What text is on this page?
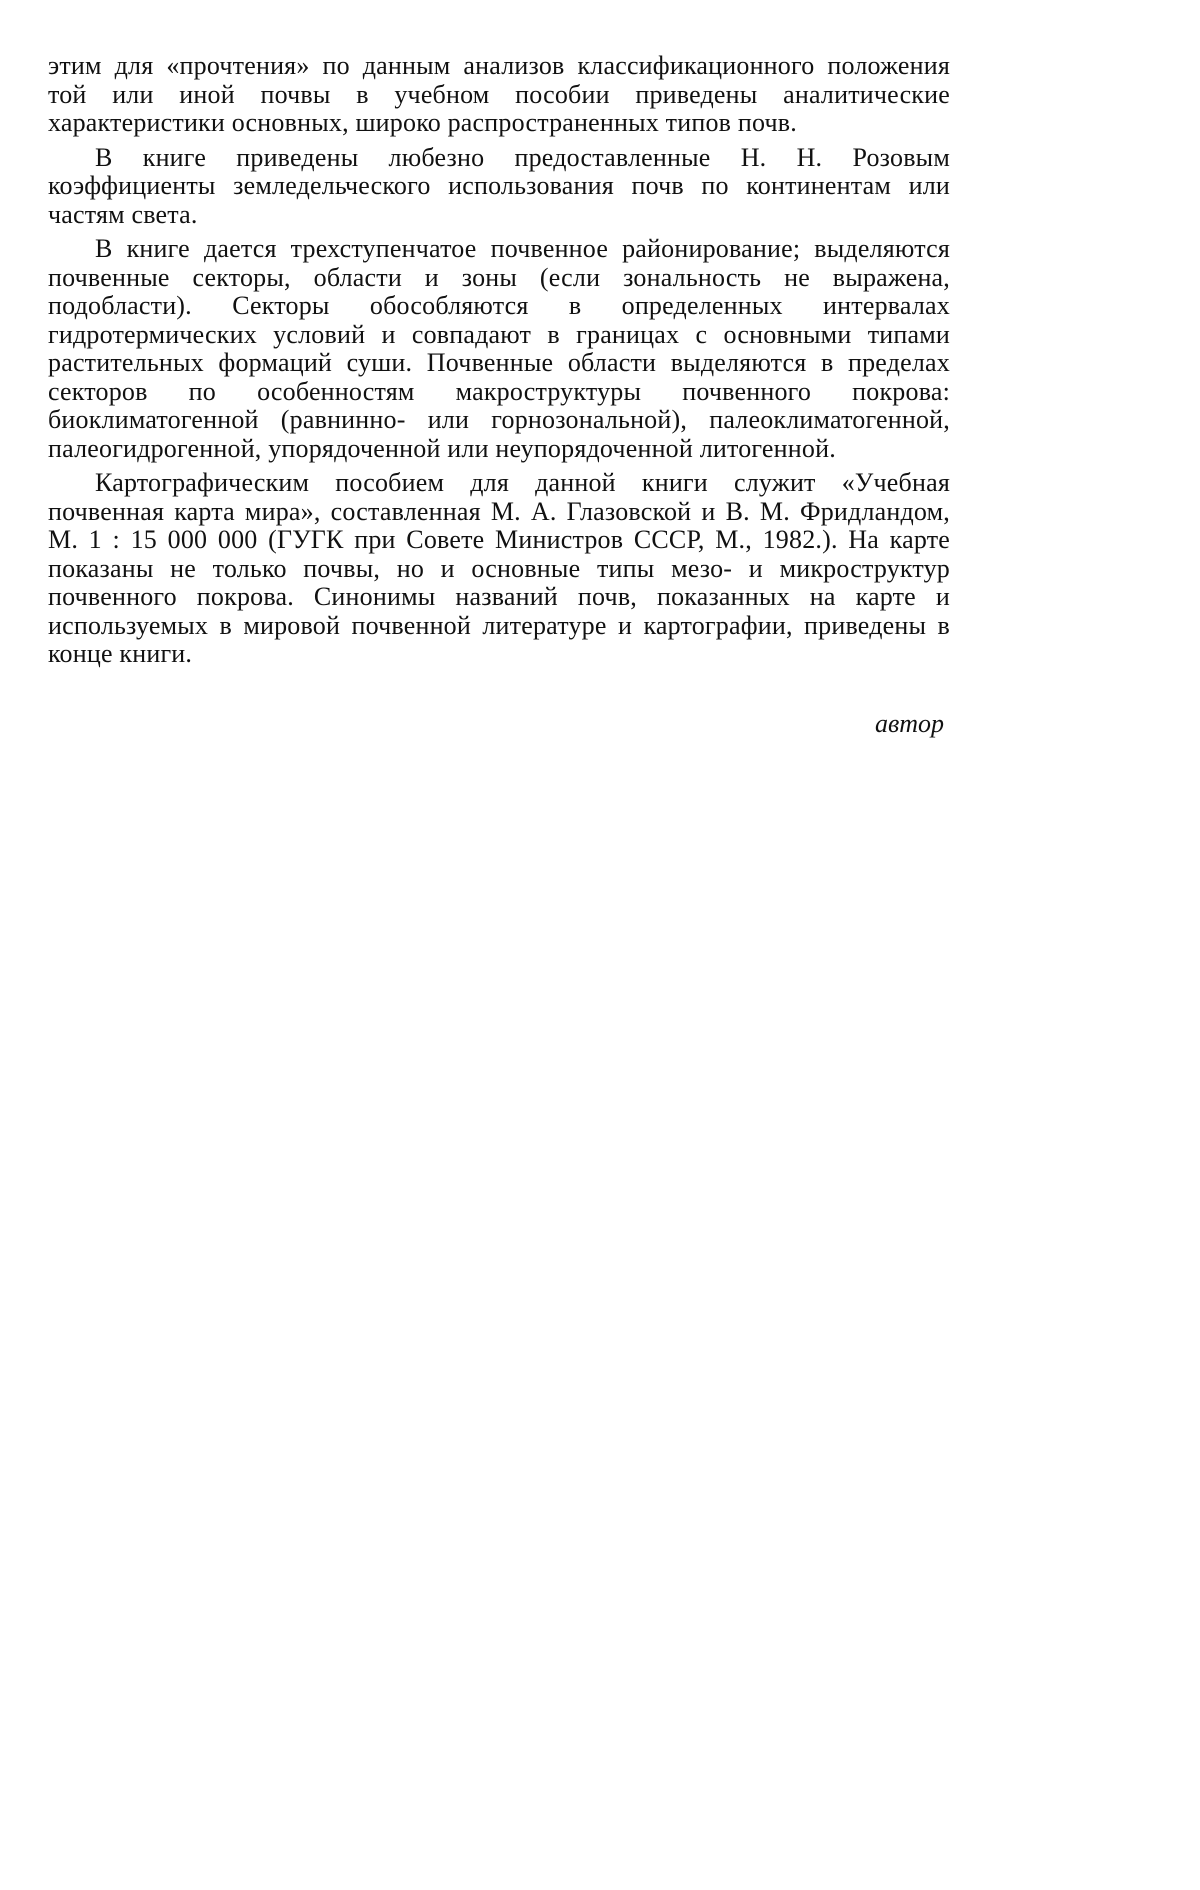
этим для «прочтения» по данным анализов классификационного положения той или иной почвы в учебном пособии приведены аналитические характеристики основных, широко распространенных типов почв.

В книге приведены любезно предоставленные Н. Н. Розовым коэффициенты земледельческого использования почв по континентам или частям света.

В книге дается трехступенчатое почвенное районирование; выделяются почвенные секторы, области и зоны (если зональность не выражена, подобласти). Секторы обособляются в определенных интервалах гидротермических условий и совпадают в границах с основными типами растительных формаций суши. Почвенные области выделяются в пределах секторов по особенностям макроструктуры почвенного покрова: биоклиматогенной (равнинно- или горнозональной), палеоклиматогенной, палеогидрогенной, упорядоченной или неупорядоченной литогенной.

Картографическим пособием для данной книги служит «Учебная почвенная карта мира», составленная М. А. Глазовской и В. М. Фридландом, М. 1 : 15 000 000 (ГУГК при Совете Министров СССР, М., 1982.). На карте показаны не только почвы, но и основные типы мезо- и микроструктур почвенного покрова. Синонимы названий почв, показанных на карте и используемых в мировой почвенной литературе и картографии, приведены в конце книги.

автор
